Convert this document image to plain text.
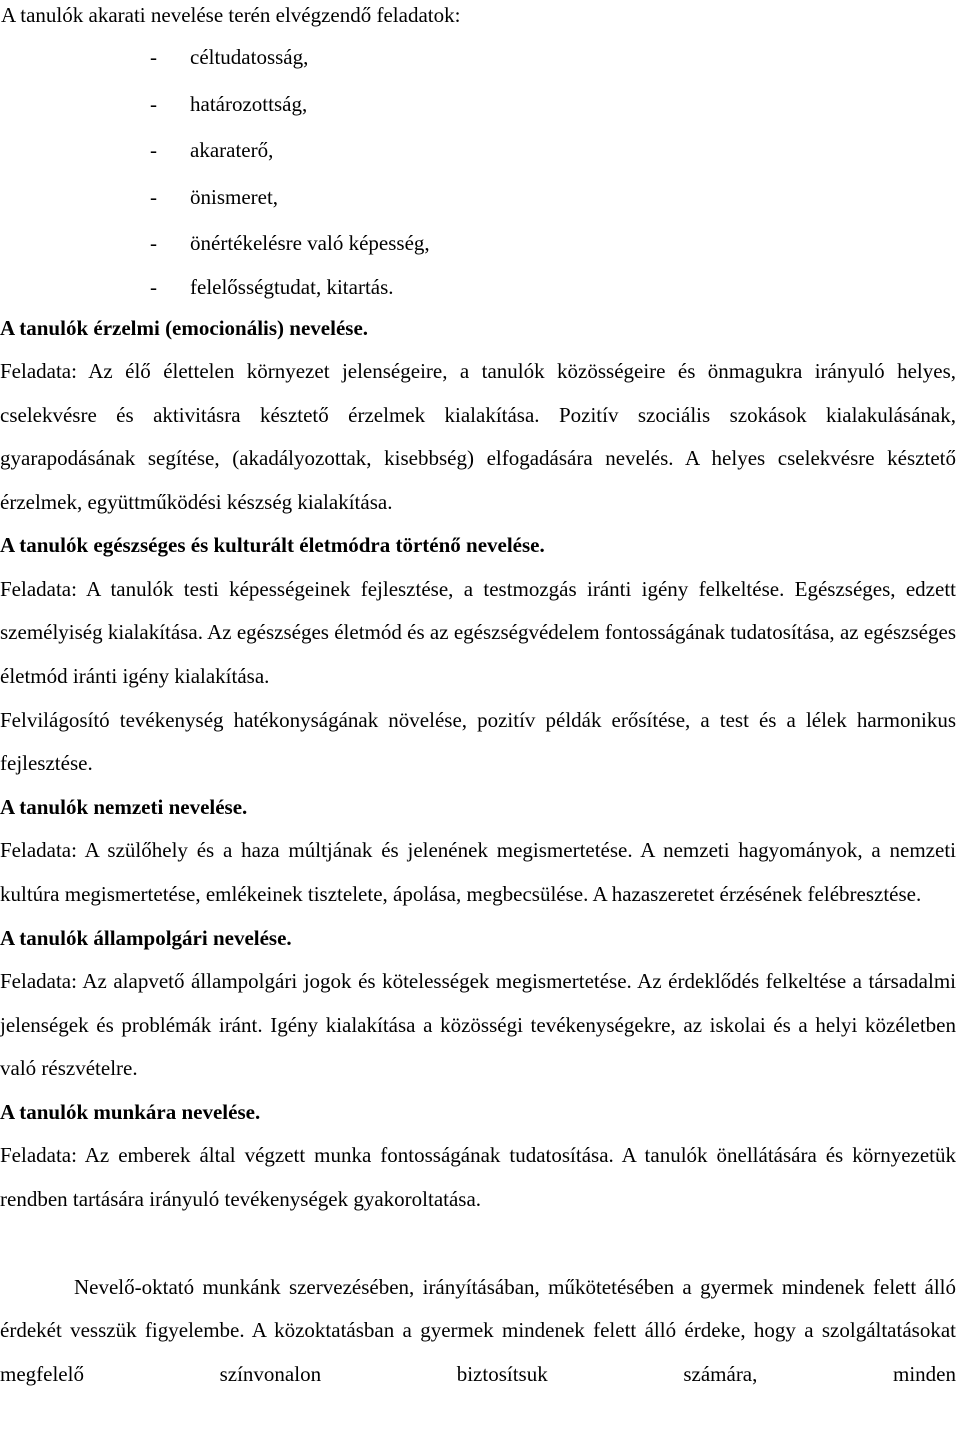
A tanulók akarati nevelése terén elvégzendő feladatok:
- céltudatosság,
- határozottság,
- akaraterő,
- önismeret,
- önértékelésre való képesség,
- felelősségtudat, kitartás.
A tanulók érzelmi (emocionális) nevelése.
Feladata: Az élő élettelen környezet jelenségeire, a tanulók közösségeire és önmagukra irányuló helyes, cselekvésre és aktivitásra késztető érzelmek kialakítása. Pozitív szociális szokások kialakulásának, gyarapodásának segítése, (akadályozottak, kisebbség) elfogadására nevelés. A helyes cselekvésre késztető érzelmek, együttműködési készség kialakítása.
A tanulók egészséges és kulturált életmódra történő nevelése.
Feladata: A tanulók testi képességeinek fejlesztése, a testmozgás iránti igény felkeltése. Egészséges, edzett személyiség kialakítása. Az egészséges életmód és az egészségvédelem fontosságának tudatosítása, az egészséges életmód iránti igény kialakítása.
Felvilágosító tevékenység hatékonyságának növelése, pozitív példák erősítése, a test és a lélek harmonikus fejlesztése.
A tanulók nemzeti nevelése.
Feladata: A szülőhely és a haza múltjának és jelenének megismertetése. A nemzeti hagyományok, a nemzeti kultúra megismertetése, emlékeinek tisztelete, ápolása, megbecsülése. A hazaszeretet érzésének felébresztése.
A tanulók állampolgári nevelése.
Feladata: Az alapvető állampolgári jogok és kötelességek megismertetése. Az érdeklődés felkeltése a társadalmi jelenségek és problémák iránt. Igény kialakítása a közösségi tevékenységekre, az iskolai és a helyi közéletben való részvételre.
A tanulók munkára nevelése.
Feladata: Az emberek által végzett munka fontosságának tudatosítása. A tanulók önellátására és környezetük rendben tartására irányuló tevékenységek gyakoroltatása.
Nevelő-oktató munkánk szervezésében, irányításában, műkötetésében a gyermek mindenek felett álló érdekét vesszük figyelembe. A közoktatásban a gyermek mindenek felett álló érdeke, hogy a szolgáltatásokat megfelelő színvonalon biztosítsuk számára, minden
